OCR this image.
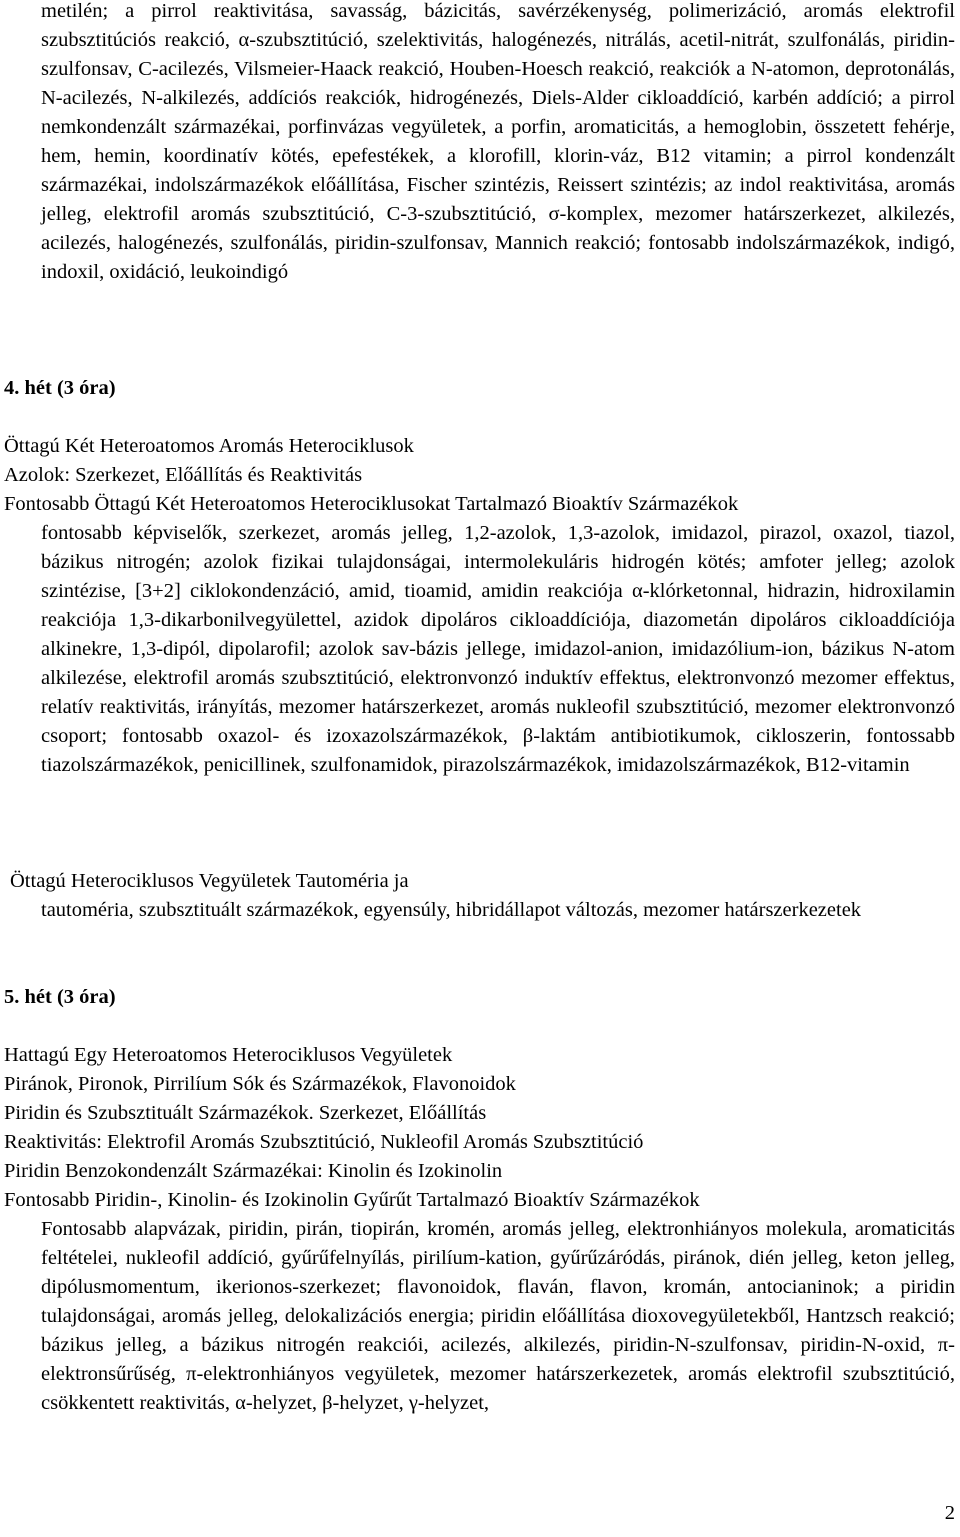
metilén; a pirrol reaktivitása, savasság, bázicitás, savérzékenység, polimerizáció, aromás elektrofil szubsztitúciós reakció, α-szubsztitúció, szelektivitás, halogénezés, nitrálás, acetil-nitrát, szulfonálás, piridin-szulfonsav, C-acilezés, Vilsmeier-Haack reakció, Houben-Hoesch reakció, reakciók a N-atomon, deprotonálás, N-acilezés, N-alkilezés, addíciós reakciók, hidrogénezés, Diels-Alder cikloaddíció, karbén addíció; a pirrol nemkondenzált származékai, porfinvázas vegyületek, a porfin, aromaticitás, a hemoglobin, összetett fehérje, hem, hemin, koordinatív kötés, epefestékek, a klorofill, klorin-váz, B12 vitamin; a pirrol kondenzált származékai, indolszármazékok előállítása, Fischer szintézis, Reissert szintézis; az indol reaktivitása, aromás jelleg, elektrofil aromás szubsztitúció, C-3-szubsztitúció, σ-komplex, mezomer határszerkezet, alkilezés, acilezés, halogénezés, szulfonálás, piridin-szulfonsav, Mannich reakció; fontosabb indolszármazékok, indigó, indoxil, oxidáció, leukoindigó

4. hét (3 óra)

Öttagú Két Heteroatomos Aromás Heterociklusok

Azolok: Szerkezet, Előállítás és Reaktivitás

Fontosabb Öttagú Két Heteroatomos Heterociklusokat Tartalmazó Bioaktív Származékok

fontosabb képviselők, szerkezet, aromás jelleg, 1,2-azolok, 1,3-azolok, imidazol, pirazol, oxazol, tiazol, bázikus nitrogén; azolok fizikai tulajdonságai, intermolekuláris hidrogén kötés; amfoter jelleg; azolok szintézise, [3+2] ciklokondenzáció, amid, tioamid, amidin reakciója α-klórketonnal, hidrazin, hidroxilamin reakciója 1,3-dikarbonilvegyülettel, azidok dipoláros cikloaddíciója, diazometán dipoláros cikloaddíciója alkinekre, 1,3-dipól, dipolarofil; azolok sav-bázis jellege, imidazol-anion, imidazólium-ion, bázikus N-atom alkilezése, elektrofil aromás szubsztitúció, elektronvonzó induktív effektus, elektronvonzó mezomer effektus, relatív reaktivitás, irányítás, mezomer határszerkezet, aromás nukleofil szubsztitúció, mezomer elektronvonzó csoport; fontosabb oxazol- és izoxazolszármazékok, β-laktám antibiotikumok, cikloszerin, fontossabb tiazolszármazékok, penicillinek, szulfonamidok, pirazolszármazékok, imidazolszármazékok, B12-vitamin

Öttagú Heterociklusos Vegyületek Tautoméria ja

tautoméria, szubsztituált származékok, egyensúly, hibridállapot változás, mezomer határszerkezetek

5. hét (3 óra)

Hattagú Egy Heteroatomos Heterociklusos Vegyületek

Piránok, Pironok, Pirrilíum Sók és Származékok, Flavonoidok

Piridin és Szubsztituált Származékok. Szerkezet, Előállítás

Reaktivitás: Elektrofil Aromás Szubsztitúció, Nukleofil Aromás Szubsztitúció

Piridin Benzokondenzált Származékai: Kinolin és Izokinolin

Fontosabb Piridin-, Kinolin- és Izokinolin Gyűrűt Tartalmazó Bioaktív Származékok

Fontosabb alapvázak, piridin, pirán, tiopirán, kromén, aromás jelleg, elektronhiányos molekula, aromaticitás feltételei, nukleofil addíció, gyűrűfelnyílás, pirilíum-kation, gyűrűzáródás, piránok, dién jelleg, keton jelleg, dipólusmomentum, ikerionos-szerkezet; flavonoidok, flaván, flavon, kromán, antocianinok; a piridin tulajdonságai, aromás jelleg, delokalizációs energia; piridin előállítása dioxovegyületekből, Hantzsch reakció; bázikus jelleg, a bázikus nitrogén reakciói, acilezés, alkilezés, piridin-N-szulfonsav, piridin-N-oxid, π-elektronsűrűség, π-elektronhiányos vegyületek, mezomer határszerkezetek, aromás elektrofil szubsztitúció, csökkentett reaktivitás, α-helyzet, β-helyzet, γ-helyzet,

2
